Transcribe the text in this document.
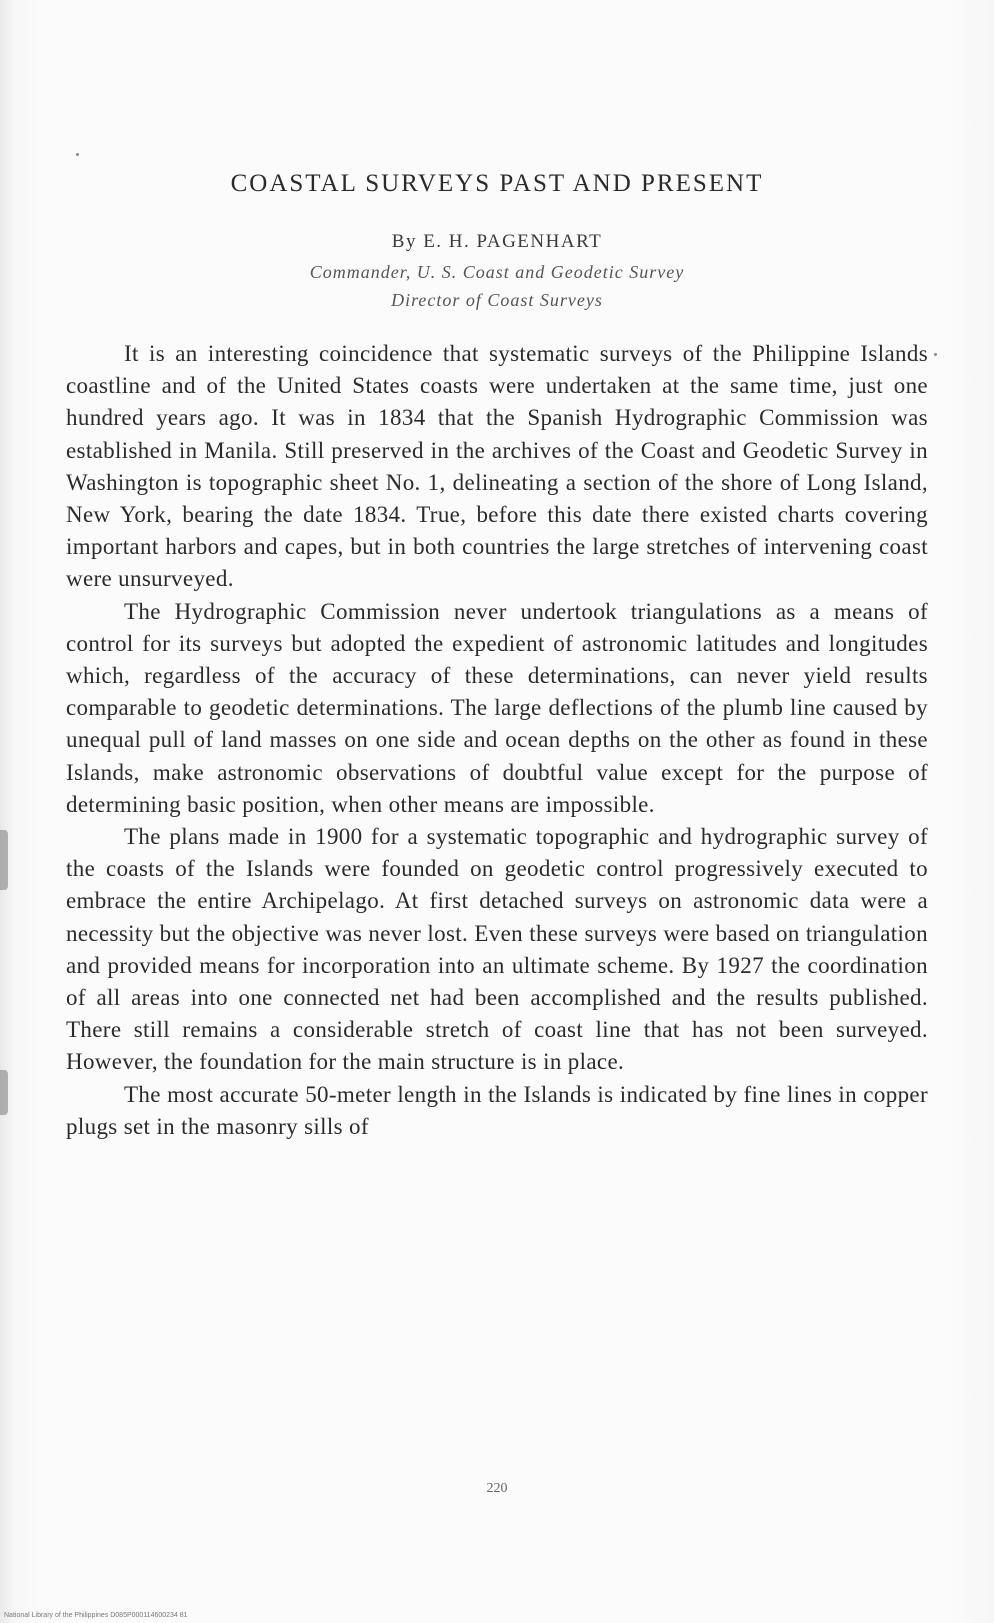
COASTAL SURVEYS PAST AND PRESENT
By E. H. PAGENHART
Commander, U. S. Coast and Geodetic Survey
Director of Coast Surveys

It is an interesting coincidence that systematic surveys of the Philippine Islands coastline and of the United States coasts were undertaken at the same time, just one hundred years ago. It was in 1834 that the Spanish Hydrographic Commission was established in Manila. Still preserved in the archives of the Coast and Geodetic Survey in Washington is topographic sheet No. 1, delineating a section of the shore of Long Island, New York, bearing the date 1834. True, before this date there existed charts covering important harbors and capes, but in both countries the large stretches of intervening coast were unsurveyed.

The Hydrographic Commission never undertook triangulations as a means of control for its surveys but adopted the expedient of astronomic latitudes and longitudes which, regardless of the accuracy of these determinations, can never yield results comparable to geodetic determinations. The large deflections of the plumb line caused by unequal pull of land masses on one side and ocean depths on the other as found in these Islands, make astronomic observations of doubtful value except for the purpose of determining basic position, when other means are impossible.

The plans made in 1900 for a systematic topographic and hydrographic survey of the coasts of the Islands were founded on geodetic control progressively executed to embrace the entire Archipelago. At first detached surveys on astronomic data were a necessity but the objective was never lost. Even these surveys were based on triangulation and provided means for incorporation into an ultimate scheme. By 1927 the coordination of all areas into one connected net had been accomplished and the results published. There still remains a considerable stretch of coast line that has not been surveyed. However, the foundation for the main structure is in place.

The most accurate 50-meter length in the Islands is indicated by fine lines in copper plugs set in the masonry sills of

220
National Library of the Philippines D085P000114600234 81
